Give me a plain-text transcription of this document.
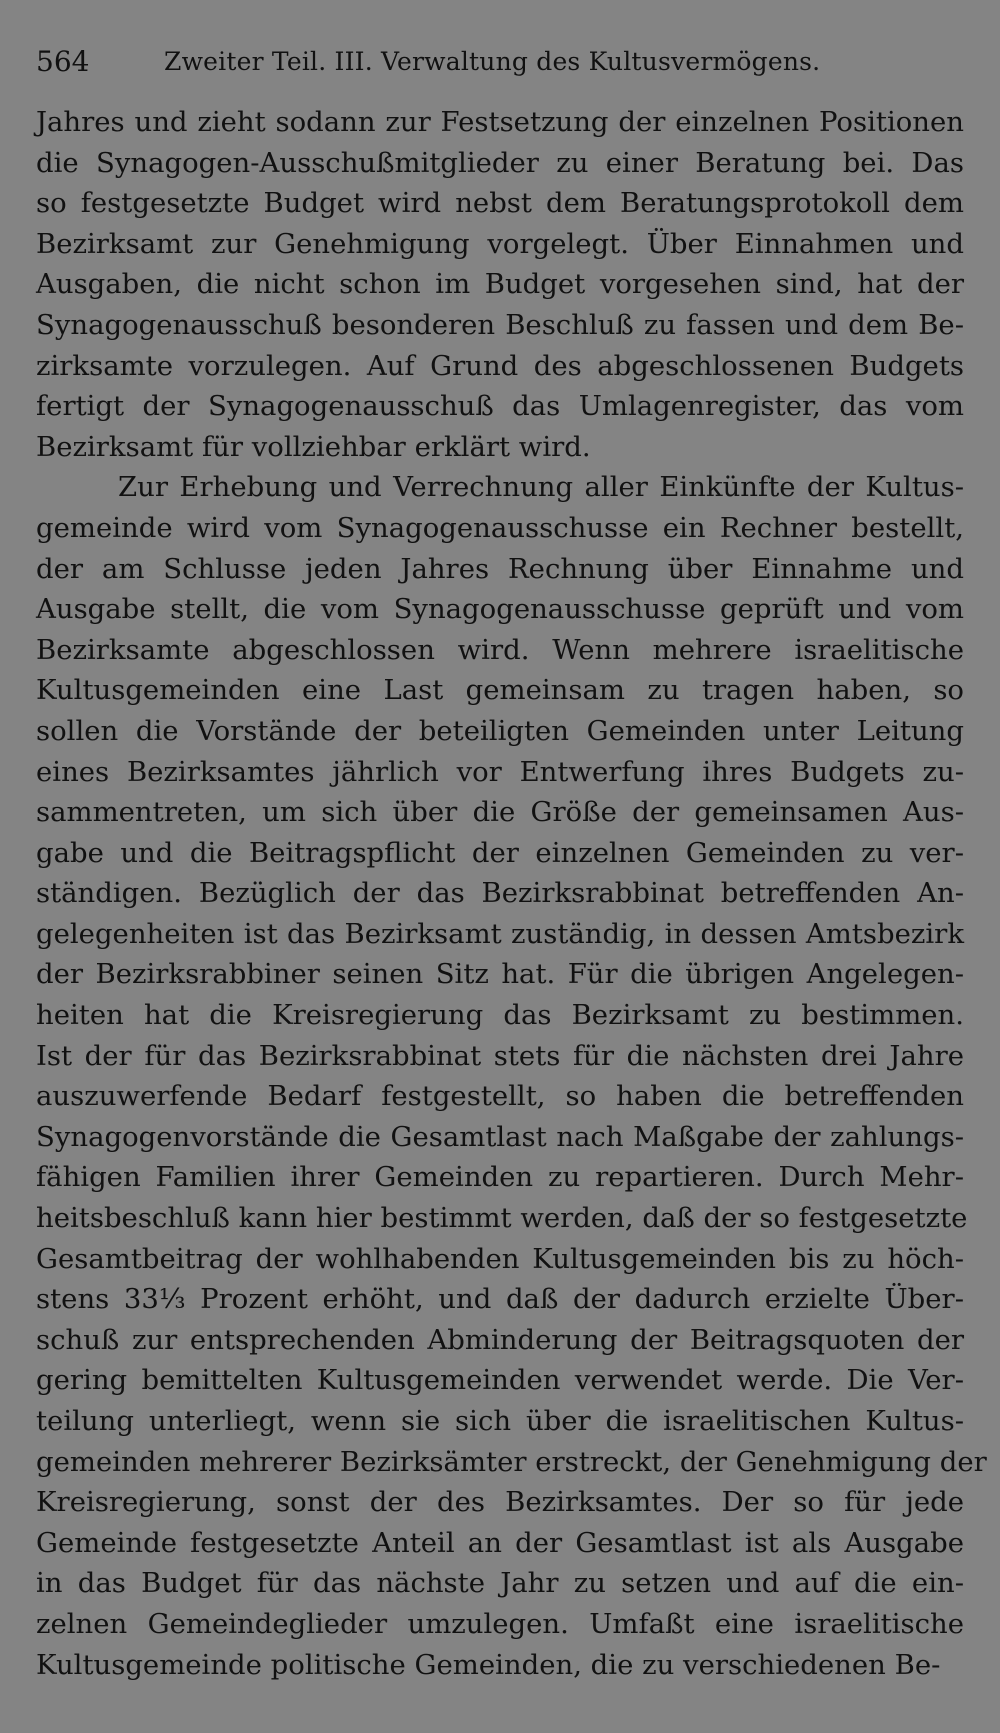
564	Zweiter Teil. III. Verwaltung des Kultusvermögens.
Jahres und zieht sodann zur Festsetzung der einzelnen Positionen
die Synagogen-Ausschußmitglieder zu einer Beratung bei. Das
so festgesetzte Budget wird nebst dem Beratungsprotokoll dem
Bezirksamt zur Genehmigung vorgelegt. Über Einnahmen und
Ausgaben, die nicht schon im Budget vorgesehen sind, hat der
Synagogenausschuß besonderen Beschluß zu fassen und dem Be-
zirksamte vorzulegen. Auf Grund des abgeschlossenen Budgets
fertigt der Synagogenausschuß das Umlagenregister, das vom
Bezirksamt für vollziehbar erklärt wird.
Zur Erhebung und Verrechnung aller Einkünfte der Kultus-
gemeinde wird vom Synagogenausschusse ein Rechner bestellt,
der am Schlusse jeden Jahres Rechnung über Einnahme und
Ausgabe stellt, die vom Synagogenausschusse geprüft und vom
Bezirksamte abgeschlossen wird. Wenn mehrere israelitische
Kultusgemeinden eine Last gemeinsam zu tragen haben, so
sollen die Vorstände der beteiligten Gemeinden unter Leitung
eines Bezirksamtes jährlich vor Entwerfung ihres Budgets zu-
sammentreten, um sich über die Größe der gemeinsamen Aus-
gabe und die Beitragspflicht der einzelnen Gemeinden zu ver-
ständigen. Bezüglich der das Bezirksrabbinat betreffenden An-
gelegenheiten ist das Bezirksamt zuständig, in dessen Amtsbezirk
der Bezirksrabbiner seinen Sitz hat. Für die übrigen Angelegen-
heiten hat die Kreisregierung das Bezirksamt zu bestimmen.
Ist der für das Bezirksrabbinat stets für die nächsten drei Jahre
auszuwerfende Bedarf festgestellt, so haben die betreffenden
Synagogenvorstände die Gesamtlast nach Maßgabe der zahlungs-
fähigen Familien ihrer Gemeinden zu repartieren. Durch Mehr-
heitsbeschluß kann hier bestimmt werden, daß der so festgesetzte
Gesamtbeitrag der wohlhabenden Kultusgemeinden bis zu höch-
stens 33⅓ Prozent erhöht, und daß der dadurch erzielte Über-
schuß zur entsprechenden Abminderung der Beitragsquoten der
gering bemittelten Kultusgemeinden verwendet werde. Die Ver-
teilung unterliegt, wenn sie sich über die israelitischen Kultus-
gemeinden mehrerer Bezirksämter erstreckt, der Genehmigung der
Kreisregierung, sonst der des Bezirksamtes. Der so für jede
Gemeinde festgesetzte Anteil an der Gesamtlast ist als Ausgabe
in das Budget für das nächste Jahr zu setzen und auf die ein-
zelnen Gemeindeglieder umzulegen. Umfaßt eine israelitische
Kultusgemeinde politische Gemeinden, die zu verschiedenen Be-
